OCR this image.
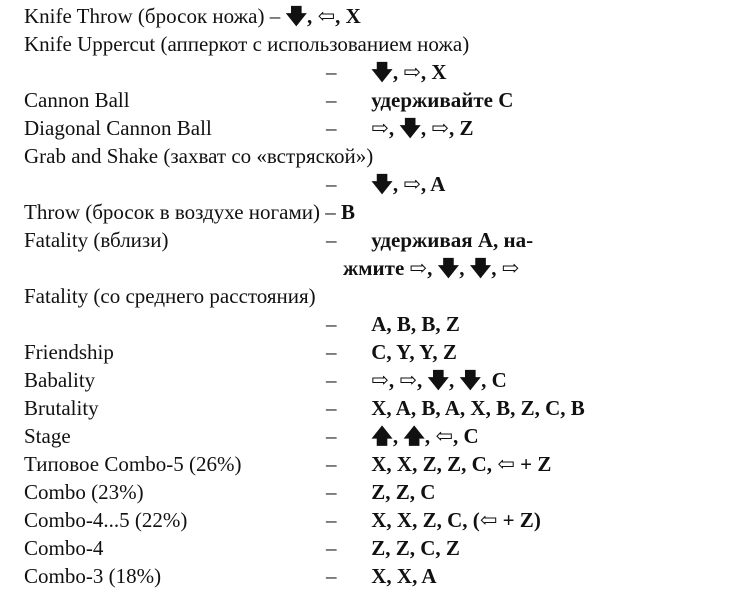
Knife Throw (бросок ножа) – 🡇, ⇦, X
Knife Uppercut (апперкот с использованием ножа)
– 🡇, ⇨, X
Cannon Ball	– удерживайте C
Diagonal Cannon Ball	– ⇨, 🡇, ⇨, Z
Grab and Shake (захват со «встряской»)
– 🡇, ⇨, A
Throw (бросок в воздухе ногами) – B
Fatality (вблизи)	– удерживая A, на-
жмите ⇨, 🡇, 🡇, ⇨
Fatality (со среднего расстояния)
– A, B, B, Z
Friendship	– C, Y, Y, Z
Babality	– ⇨, ⇨, 🡇, 🡇, C
Brutality	– X, A, B, A, X, B, Z, C, B
Stage	– 🡅, 🡅, ⇦, C
Типовое Combo-5 (26%)	– X, X, Z, Z, C, ⇦ + Z
Combo (23%)	– Z, Z, C
Combo-4...5 (22%)	– X, X, Z, C, (⇦ + Z)
Combo-4	– Z, Z, C, Z
Combo-3 (18%)	– X, X, A
